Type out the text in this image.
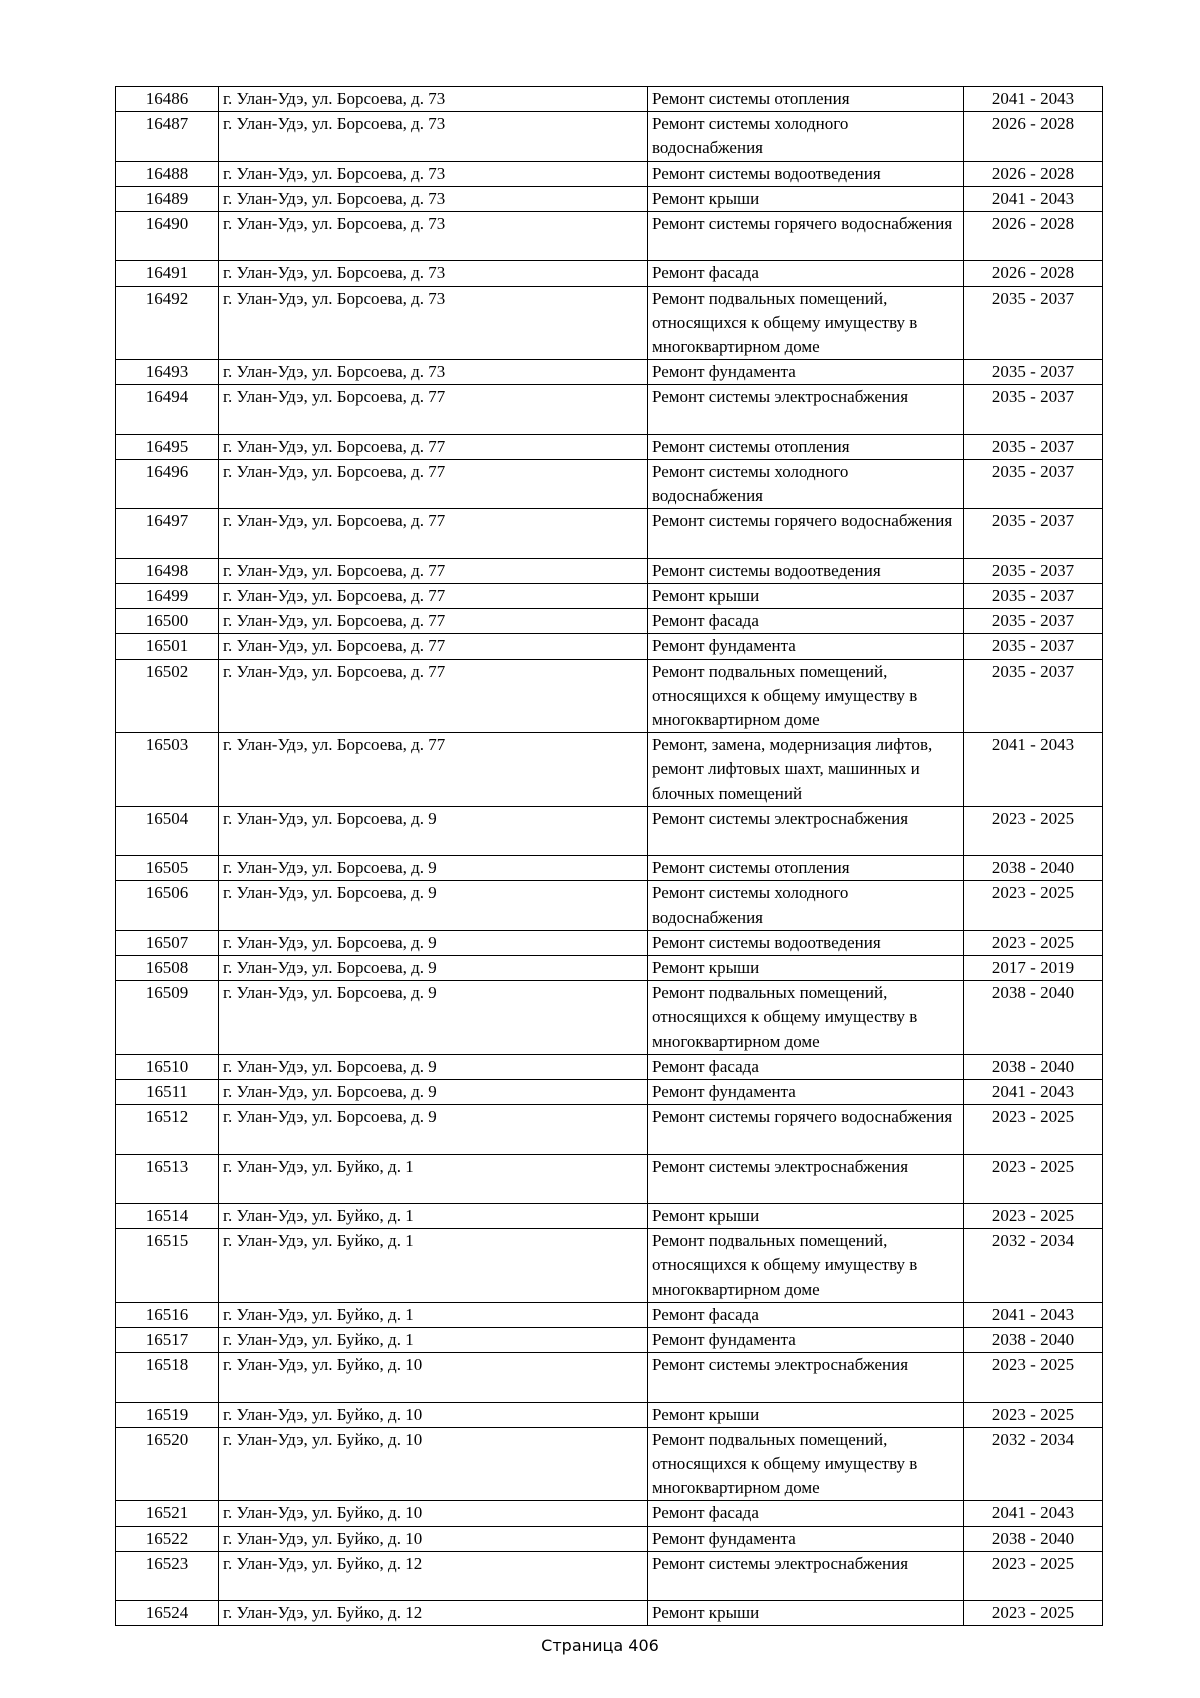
16486	г. Улан-Удэ, ул. Борсоева, д. 73	Ремонт системы отопления	2041 - 2043
16487	г. Улан-Удэ, ул. Борсоева, д. 73	Ремонт системы холодного водоснабжения	2026 - 2028
16488	г. Улан-Удэ, ул. Борсоева, д. 73	Ремонт системы водоотведения	2026 - 2028
16489	г. Улан-Удэ, ул. Борсоева, д. 73	Ремонт крыши	2041 - 2043
16490	г. Улан-Удэ, ул. Борсоева, д. 73	Ремонт системы горячего водоснабжения	2026 - 2028
16491	г. Улан-Удэ, ул. Борсоева, д. 73	Ремонт фасада	2026 - 2028
16492	г. Улан-Удэ, ул. Борсоева, д. 73	Ремонт подвальных помещений, относящихся к общему имуществу в многоквартирном доме	2035 - 2037
16493	г. Улан-Удэ, ул. Борсоева, д. 73	Ремонт фундамента	2035 - 2037
16494	г. Улан-Удэ, ул. Борсоева, д. 77	Ремонт системы электроснабжения	2035 - 2037
16495	г. Улан-Удэ, ул. Борсоева, д. 77	Ремонт системы отопления	2035 - 2037
16496	г. Улан-Удэ, ул. Борсоева, д. 77	Ремонт системы холодного водоснабжения	2035 - 2037
16497	г. Улан-Удэ, ул. Борсоева, д. 77	Ремонт системы горячего водоснабжения	2035 - 2037
16498	г. Улан-Удэ, ул. Борсоева, д. 77	Ремонт системы водоотведения	2035 - 2037
16499	г. Улан-Удэ, ул. Борсоева, д. 77	Ремонт крыши	2035 - 2037
16500	г. Улан-Удэ, ул. Борсоева, д. 77	Ремонт фасада	2035 - 2037
16501	г. Улан-Удэ, ул. Борсоева, д. 77	Ремонт фундамента	2035 - 2037
16502	г. Улан-Удэ, ул. Борсоева, д. 77	Ремонт подвальных помещений, относящихся к общему имуществу в многоквартирном доме	2035 - 2037
16503	г. Улан-Удэ, ул. Борсоева, д. 77	Ремонт, замена, модернизация лифтов, ремонт лифтовых шахт, машинных и блочных помещений	2041 - 2043
16504	г. Улан-Удэ, ул. Борсоева, д. 9	Ремонт системы электроснабжения	2023 - 2025
16505	г. Улан-Удэ, ул. Борсоева, д. 9	Ремонт системы отопления	2038 - 2040
16506	г. Улан-Удэ, ул. Борсоева, д. 9	Ремонт системы холодного водоснабжения	2023 - 2025
16507	г. Улан-Удэ, ул. Борсоева, д. 9	Ремонт системы водоотведения	2023 - 2025
16508	г. Улан-Удэ, ул. Борсоева, д. 9	Ремонт крыши	2017 - 2019
16509	г. Улан-Удэ, ул. Борсоева, д. 9	Ремонт подвальных помещений, относящихся к общему имуществу в многоквартирном доме	2038 - 2040
16510	г. Улан-Удэ, ул. Борсоева, д. 9	Ремонт фасада	2038 - 2040
16511	г. Улан-Удэ, ул. Борсоева, д. 9	Ремонт фундамента	2041 - 2043
16512	г. Улан-Удэ, ул. Борсоева, д. 9	Ремонт системы горячего водоснабжения	2023 - 2025
16513	г. Улан-Удэ, ул. Буйко, д. 1	Ремонт системы электроснабжения	2023 - 2025
16514	г. Улан-Удэ, ул. Буйко, д. 1	Ремонт крыши	2023 - 2025
16515	г. Улан-Удэ, ул. Буйко, д. 1	Ремонт подвальных помещений, относящихся к общему имуществу в многоквартирном доме	2032 - 2034
16516	г. Улан-Удэ, ул. Буйко, д. 1	Ремонт фасада	2041 - 2043
16517	г. Улан-Удэ, ул. Буйко, д. 1	Ремонт фундамента	2038 - 2040
16518	г. Улан-Удэ, ул. Буйко, д. 10	Ремонт системы электроснабжения	2023 - 2025
16519	г. Улан-Удэ, ул. Буйко, д. 10	Ремонт крыши	2023 - 2025
16520	г. Улан-Удэ, ул. Буйко, д. 10	Ремонт подвальных помещений, относящихся к общему имуществу в многоквартирном доме	2032 - 2034
16521	г. Улан-Удэ, ул. Буйко, д. 10	Ремонт фасада	2041 - 2043
16522	г. Улан-Удэ, ул. Буйко, д. 10	Ремонт фундамента	2038 - 2040
16523	г. Улан-Удэ, ул. Буйко, д. 12	Ремонт системы электроснабжения	2023 - 2025
16524	г. Улан-Удэ, ул. Буйко, д. 12	Ремонт крыши	2023 - 2025
Страница 406
